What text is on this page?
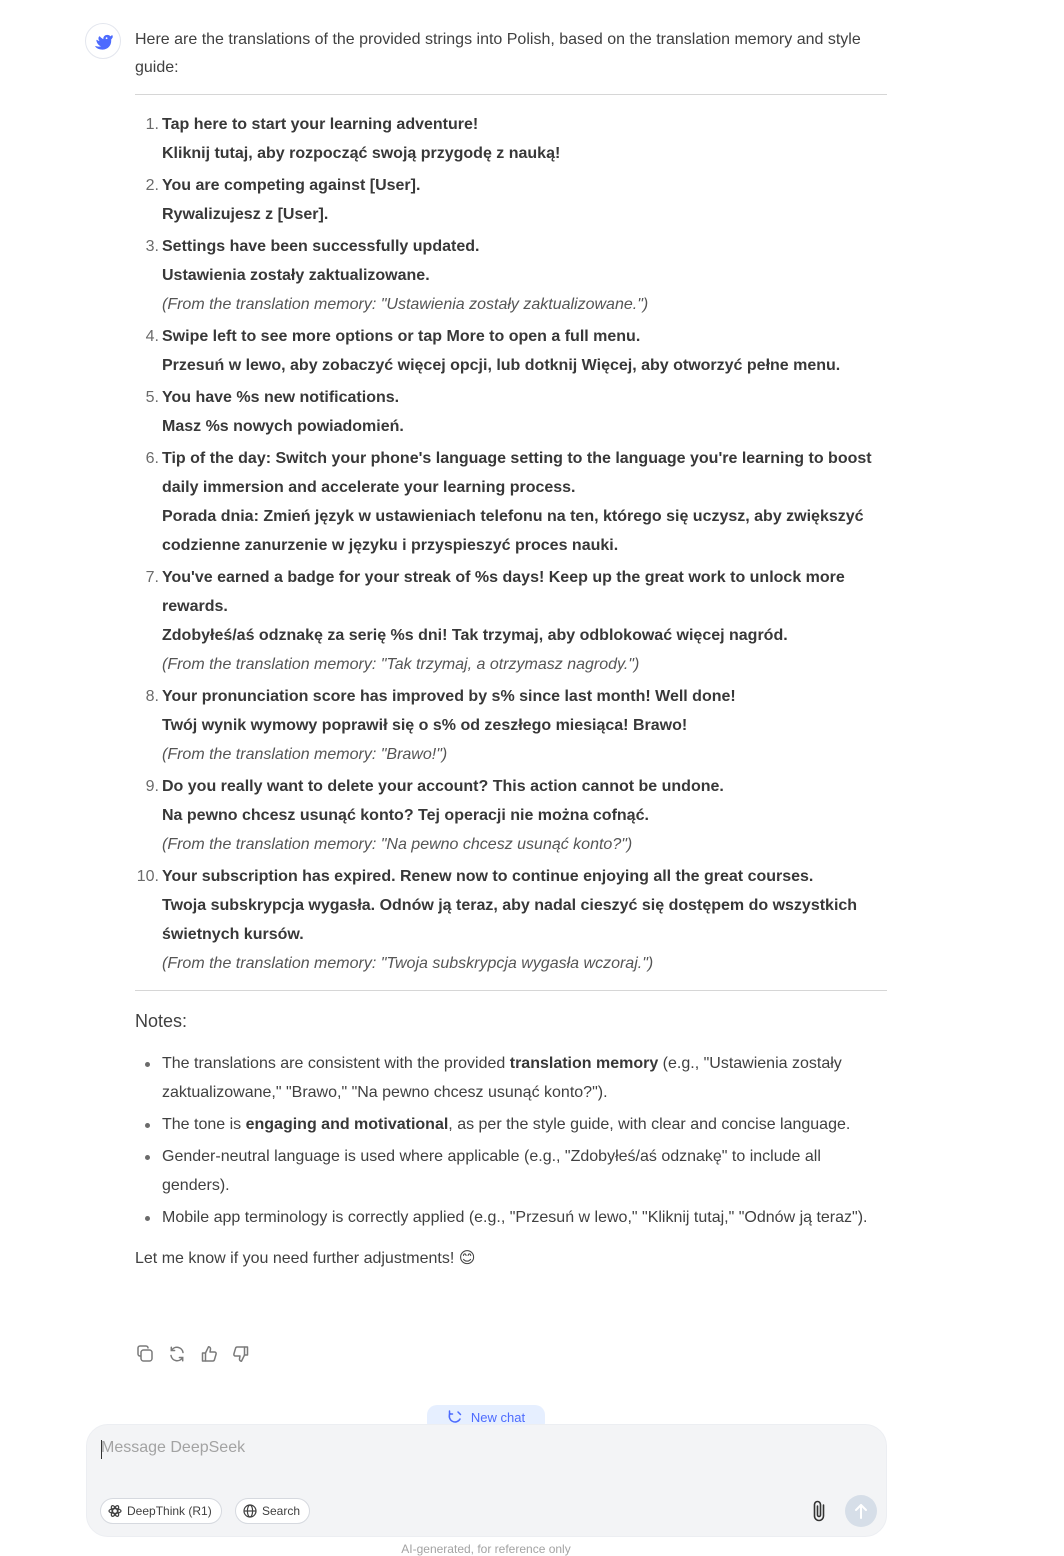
Here are the translations of the provided strings into Polish, based on the translation memory and style guide:

1. Tap here to start your learning adventure!
Kliknij tutaj, aby rozpocząć swoją przygodę z nauką!
2. You are competing against [User].
Rywalizujesz z [User].
3. Settings have been successfully updated.
Ustawienia zostały zaktualizowane.
(From the translation memory: "Ustawienia zostały zaktualizowane.")
4. Swipe left to see more options or tap More to open a full menu.
Przesuń w lewo, aby zobaczyć więcej opcji, lub dotknij Więcej, aby otworzyć pełne menu.
5. You have %s new notifications.
Masz %s nowych powiadomień.
6. Tip of the day: Switch your phone's language setting to the language you're learning to boost daily immersion and accelerate your learning process.
Porada dnia: Zmień język w ustawieniach telefonu na ten, którego się uczysz, aby zwiększyć codzienne zanurzenie w języku i przyspieszyć proces nauki.
7. You've earned a badge for your streak of %s days! Keep up the great work to unlock more rewards.
Zdobyłeś/aś odznakę za serię %s dni! Tak trzymaj, aby odblokować więcej nagród.
(From the translation memory: "Tak trzymaj, a otrzymasz nagrody.")
8. Your pronunciation score has improved by s% since last month! Well done!
Twój wynik wymowy poprawił się o s% od zeszłego miesiąca! Brawo!
(From the translation memory: "Brawo!")
9. Do you really want to delete your account? This action cannot be undone.
Na pewno chcesz usunąć konto? Tej operacji nie można cofnąć.
(From the translation memory: "Na pewno chcesz usunąć konto?")
10. Your subscription has expired. Renew now to continue enjoying all the great courses.
Twoja subskrypcja wygasła. Odnów ją teraz, aby nadal cieszyć się dostępem do wszystkich świetnych kursów.
(From the translation memory: "Twoja subskrypcja wygasła wczoraj.")
Notes:
The translations are consistent with the provided translation memory (e.g., "Ustawienia zostały zaktualizowane," "Brawo," "Na pewno chcesz usunąć konto?").
The tone is engaging and motivational, as per the style guide, with clear and concise language.
Gender-neutral language is used where applicable (e.g., "Zdobyłeś/aś odznakę" to include all genders).
Mobile app terminology is correctly applied (e.g., "Przesuń w lewo," "Kliknij tutaj," "Odnów ją teraz").
Let me know if you need further adjustments! 😊
New chat
Message DeepSeek
DeepThink (R1)	Search
AI-generated, for reference only
